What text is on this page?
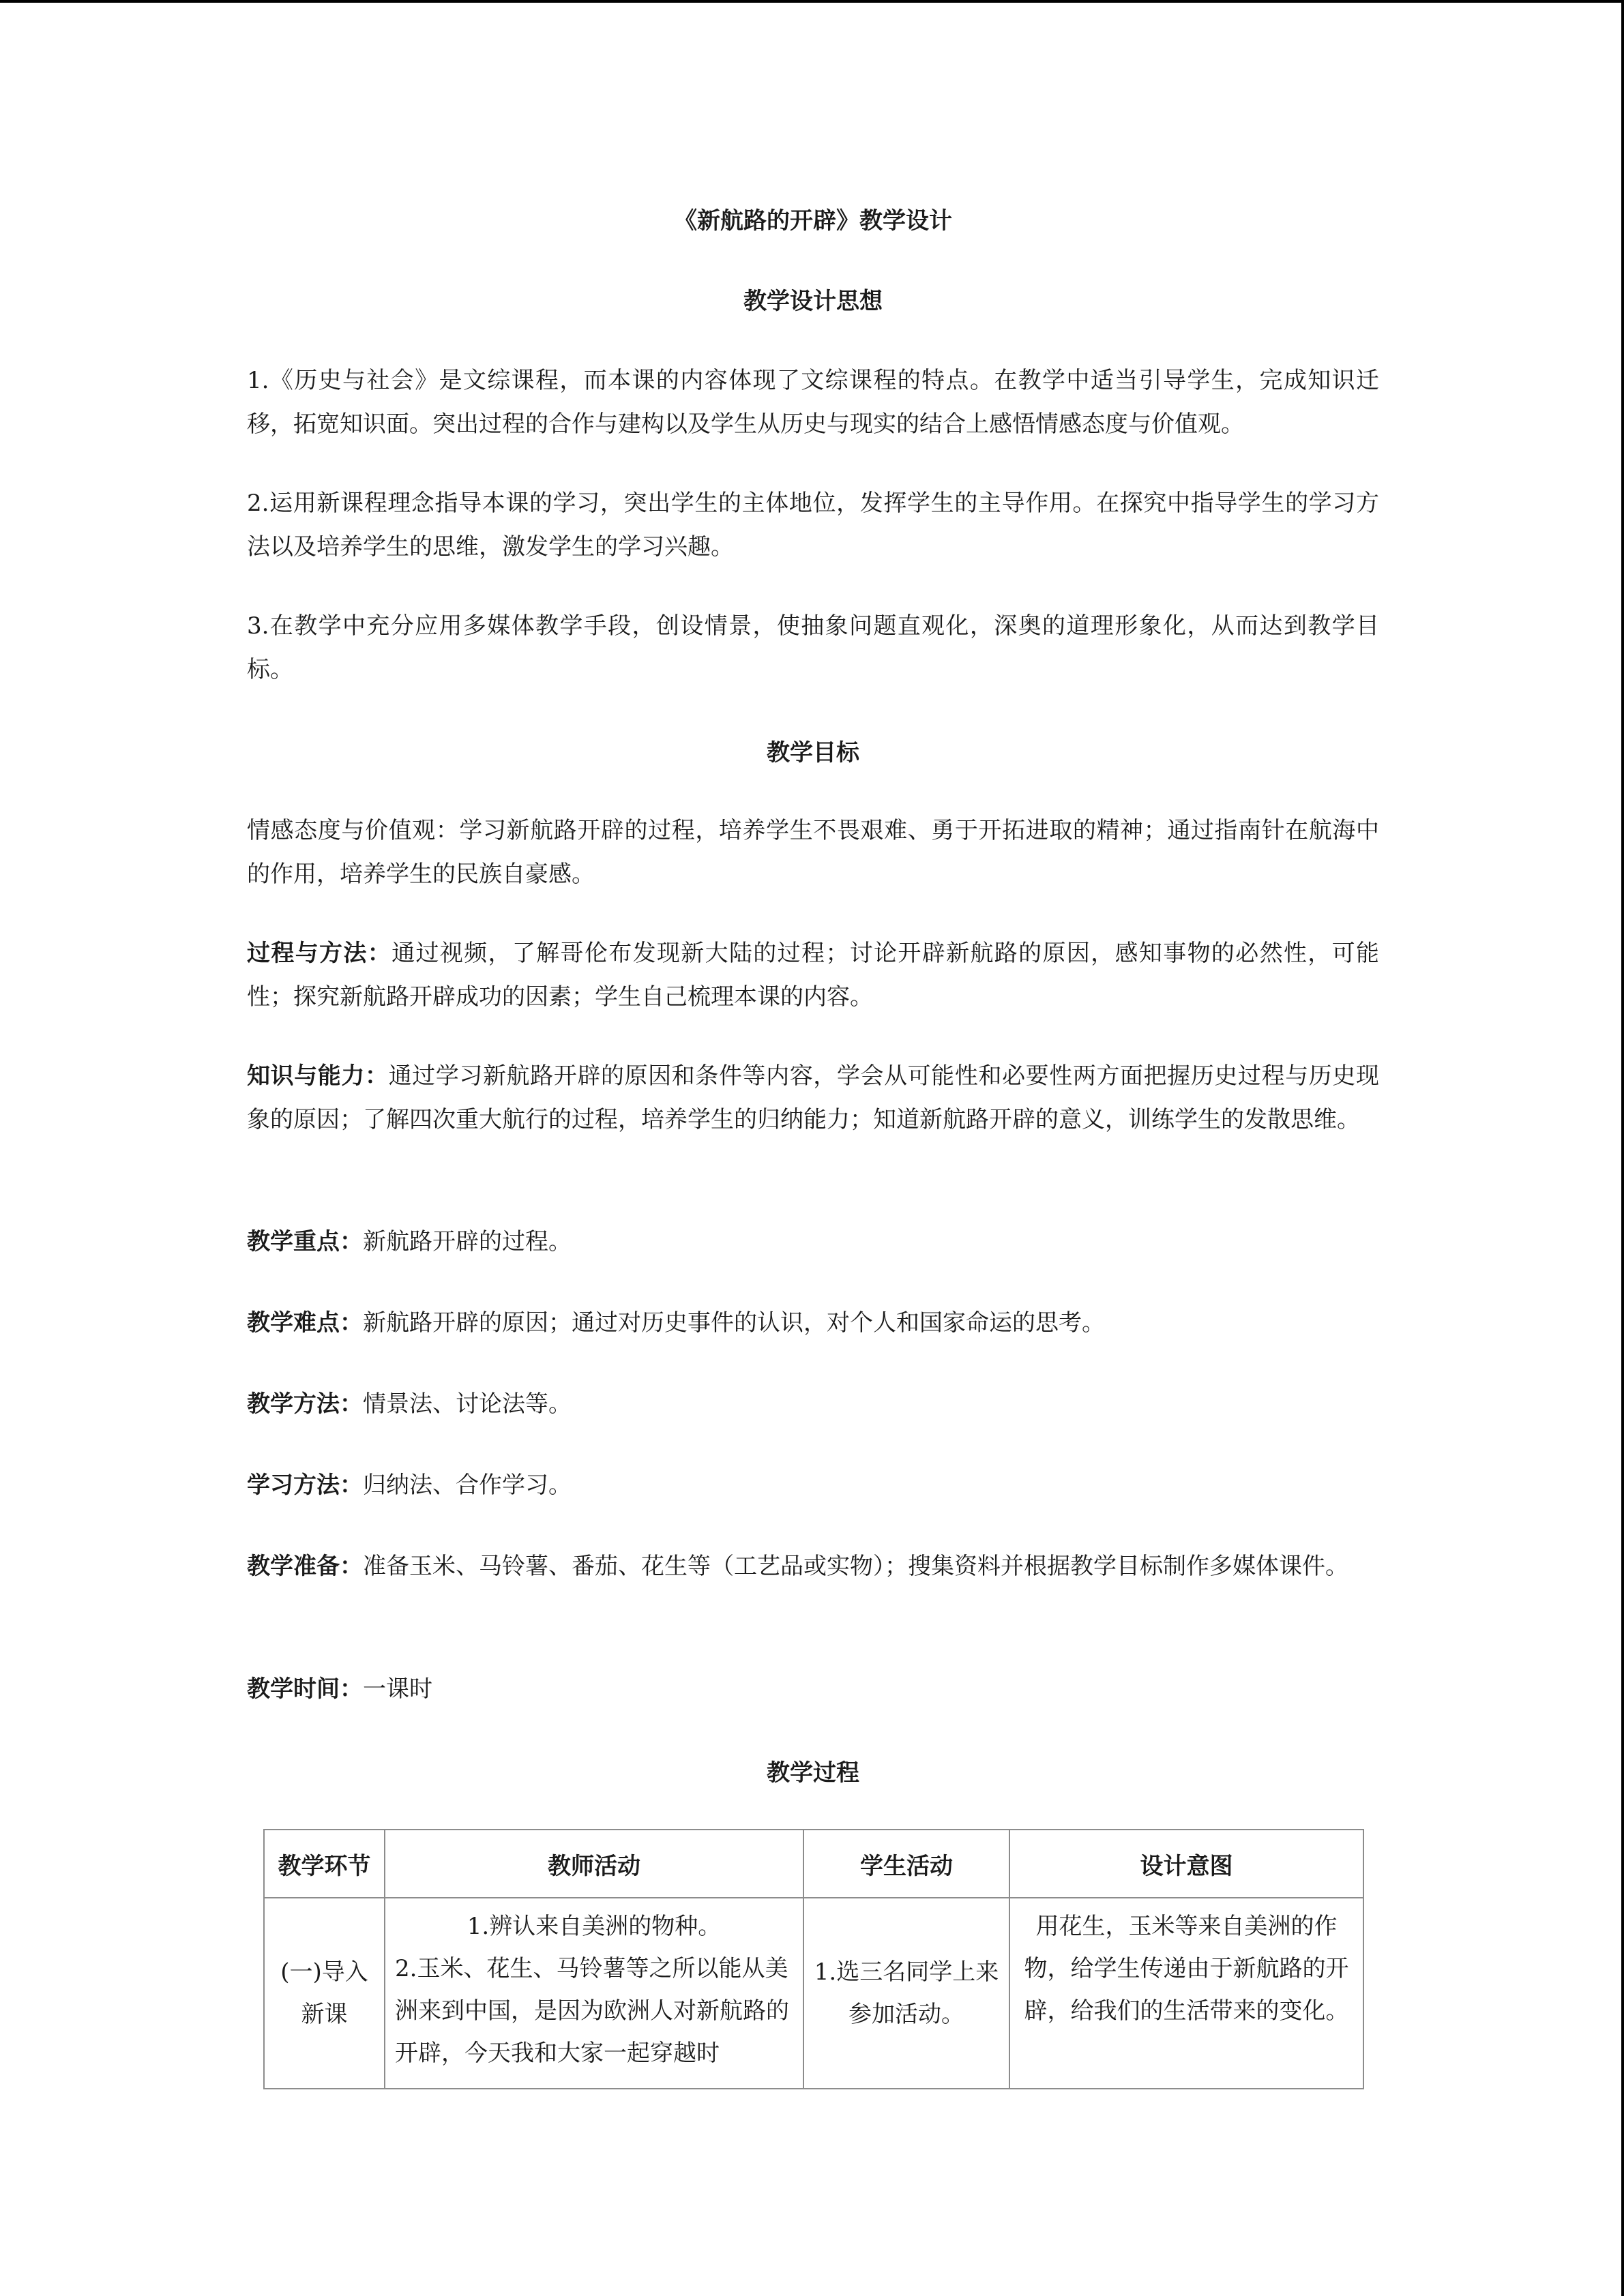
《新航路的开辟》教学设计
教学设计思想
1.《历史与社会》是文综课程，而本课的内容体现了文综课程的特点。在教学中适当引导学生，完成知识迁移，拓宽知识面。突出过程的合作与建构以及学生从历史与现实的结合上感悟情感态度与价值观。
2.运用新课程理念指导本课的学习，突出学生的主体地位，发挥学生的主导作用。在探究中指导学生的学习方法以及培养学生的思维，激发学生的学习兴趣。
3.在教学中充分应用多媒体教学手段，创设情景，使抽象问题直观化，深奥的道理形象化，从而达到教学目标。
教学目标
情感态度与价值观：学习新航路开辟的过程，培养学生不畏艰难、勇于开拓进取的精神；通过指南针在航海中的作用，培养学生的民族自豪感。
过程与方法：通过视频，了解哥伦布发现新大陆的过程；讨论开辟新航路的原因，感知事物的必然性，可能性；探究新航路开辟成功的因素；学生自己梳理本课的内容。
知识与能力：通过学习新航路开辟的原因和条件等内容，学会从可能性和必要性两方面把握历史过程与历史现象的原因；了解四次重大航行的过程，培养学生的归纳能力；知道新航路开辟的意义，训练学生的发散思维。
教学重点：新航路开辟的过程。
教学难点：新航路开辟的原因；通过对历史事件的认识，对个人和国家命运的思考。
教学方法：情景法、讨论法等。
学习方法：归纳法、合作学习。
教学准备：准备玉米、马铃薯、番茄、花生等（工艺品或实物）；搜集资料并根据教学目标制作多媒体课件。
教学时间：一课时
教学过程
教学环节	教师活动	学生活动	设计意图
(一)导入新课	1.辨认来自美洲的物种。
2.玉米、花生、马铃薯等之所以能从美洲来到中国，是因为欧洲人对新航路的开辟，今天我和大家一起穿越时	1.选三名同学上来参加活动。	用花生，玉米等来自美洲的作物，给学生传递由于新航路的开辟，给我们的生活带来的变化。
